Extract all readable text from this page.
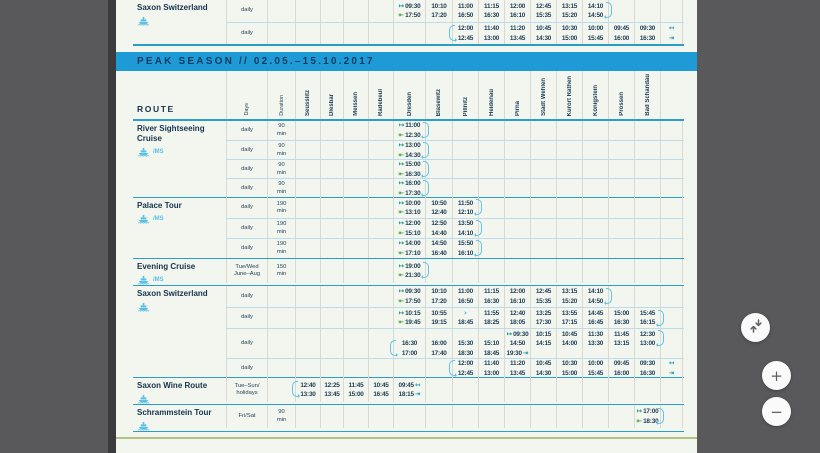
Saxon Switzerland	daily
↦ 09:30
⇤ 17:50
10:10
17:20
11:00
16:50
11:15
16:30
12:00
16:10
12:45
15:35
13:15
15:20
14:10
14:50
daily
12:00
12:45
11:40
13:00
11:20
13:45
10:45
14:30
10:30
15:00
10:00
15:45
09:45
16:00
09:30
16:30
↤
⇥
PEAK SEASON // 02.05.–15.10.2017
ROUTE	Days	Duration	Seusslitz	Diesbar	Meissen	Radebeul	Dresden	Blasewitz	Pillnitz	Heidenau	Pirna	Stadt Wehlen	Kurort Rathen	Königstein	Prossen	Bad Schandau
River Sightseeing Cruise
/MS
daily
90
min
↦ 11:00
⇤ 12:30
daily
90
min
↦ 13:00
⇤ 14:30
daily
90
min
↦ 15:00
⇤ 16:30
daily
90
min
↦ 16:00
⇤ 17:30
Palace Tour
/MS
daily
190
min
↦ 10:00
⇤ 13:10
10:50
12:40
11:50
12:10
daily
190
min
↦ 12:00
⇤ 15:10
12:50
14:40
13:50
14:10
daily
190
min
↦ 14:00
⇤ 17:10
14:50
16:40
15:50
16:10
Evening Cruise
/MS
Tue/Wed
June–Aug
150
min
↦ 19:00
⇤ 21:30
Saxon Switzerland	daily
↦ 09:30
⇤ 17:50
10:10
17:20
11:00
16:50
11:15
16:30
12:00
16:10
12:45
15:35
13:15
15:20
14:10
14:50
daily
↦ 10:15
⇤ 19:45
10:55
19:15
›
18:45
11:55
18:25
12:40
18:05
13:25
17:30
13:55
17:15
14:45
16:45
15:00
16:30
15:45
16:15
daily	16:30
17:00
16:00
17:40
15:30
18:30
15:10
18:45
↦ 09:30
14:50
19:30 ⇥
10:15
14:15
10:45
14:00
11:30
13:30
11:45
13:15
12:30
13:00
daily
12:00
12:45
11:40
13:00
11:20
13:45
10:45
14:30
10:30
15:00
10:00
15:45
09:45
16:00
09:30
16:30
↤
⇥
Saxon Wine Route	Tue–Sun/
holidays
12:40
13:30
12:25
13:45
11:45
15:00
10:45
16:45
09:45 ↤
18:15 ⇥
Schrammstein Tour	Fri/Sat
90
min
↦ 17:00
⇤ 18:30
+
−
